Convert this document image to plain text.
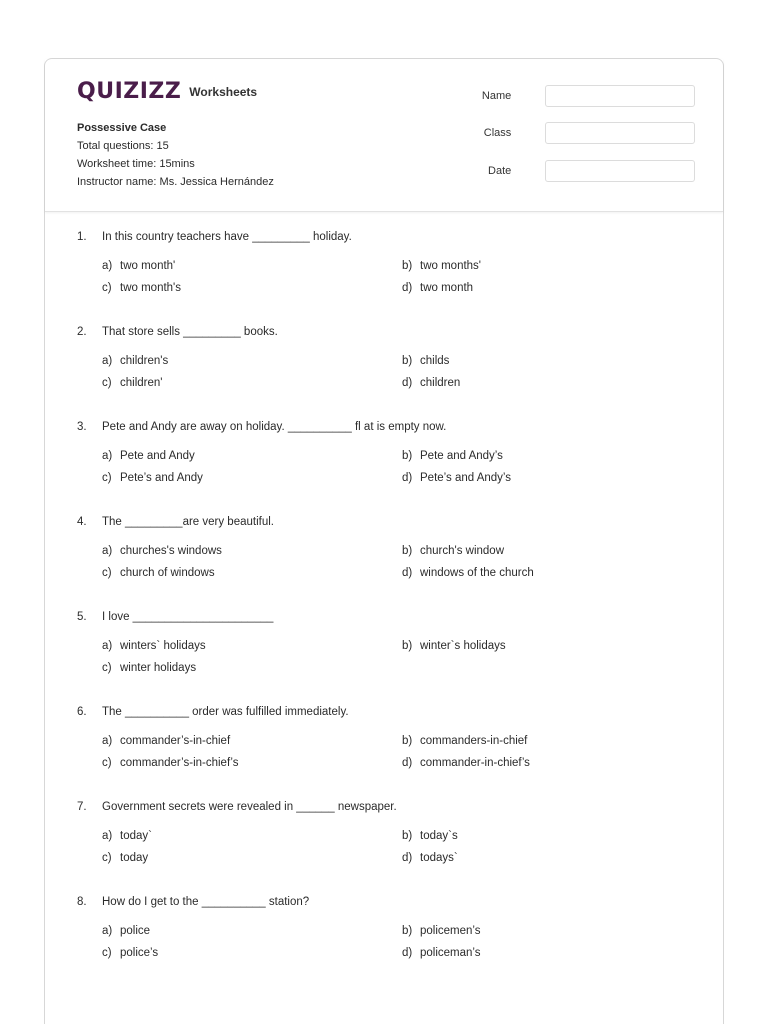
QUIZIZZ Worksheets
Possessive Case
Total questions: 15
Worksheet time: 15mins
Instructor name: Ms. Jessica Hernández
Name
Class
Date
1.	In this country teachers have _________ holiday.
a) two month'	b) two months'
c) two month's	d) two month
2.	That store sells _________ books.
a) children's	b) childs
c) children'	d) children
3.	Pete and Andy are away on holiday. __________ fl at is empty now.
a) Pete and Andy	b) Pete and Andy’s
c) Pete’s and Andy	d) Pete’s and Andy’s
4.	The _________are very beautiful.
a) churches's windows	b) church's window
c) church of windows	d) windows of the church
5.	I love ______________________
a) winters` holidays	b) winter`s holidays
c) winter holidays
6.	The __________ order was fulfilled immediately.
a) commander’s-in-chief	b) commanders-in-chief
c) commander’s-in-chief’s	d) commander-in-chief’s
7.	Government secrets were revealed in ______ newspaper.
a) today`	b) today`s
c) today	d) todays`
8.	How do I get to the __________ station?
a) police	b) policemen’s
c) police’s	d) policeman’s
